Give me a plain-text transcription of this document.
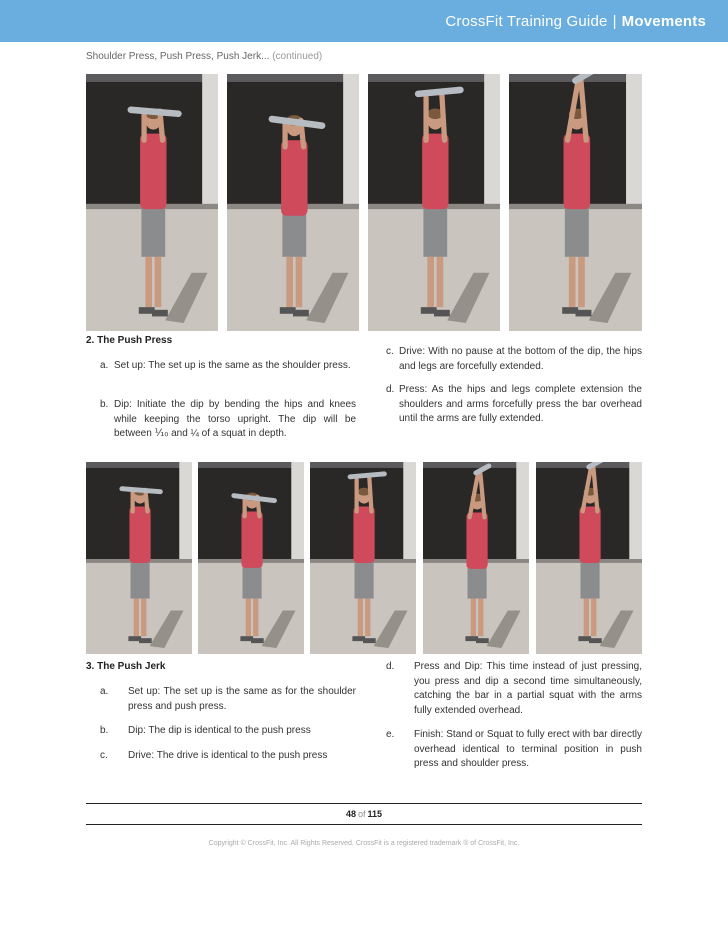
CrossFit Training Guide | Movements
Shoulder Press, Push Press, Push Jerk... (continued)
2. The Push Press
a. Set up: The set up is the same as the shoulder press.
b. Dip: Initiate the dip by bending the hips and knees while keeping the torso upright. The dip will be between ⅒ and ¼ of a squat in depth.
c. Drive: With no pause at the bottom of the dip, the hips and legs are forcefully extended.
d. Press: As the hips and legs complete extension the shoulders and arms forcefully press the bar overhead until the arms are fully extended.
3. The Push Jerk
a. Set up: The set up is the same as for the shoulder press and push press.
b. Dip: The dip is identical to the push press
c. Drive: The drive is identical to the push press
d. Press and Dip: This time instead of just pressing, you press and dip a second time simultaneously, catching the bar in a partial squat with the arms fully extended overhead.
e. Finish: Stand or Squat to fully erect with bar directly overhead identical to terminal position in push press and shoulder press.
48 of 115
Copyright © CrossFit, Inc. All Rights Reserved. CrossFit is a registered trademark ® of CrossFit, Inc.
